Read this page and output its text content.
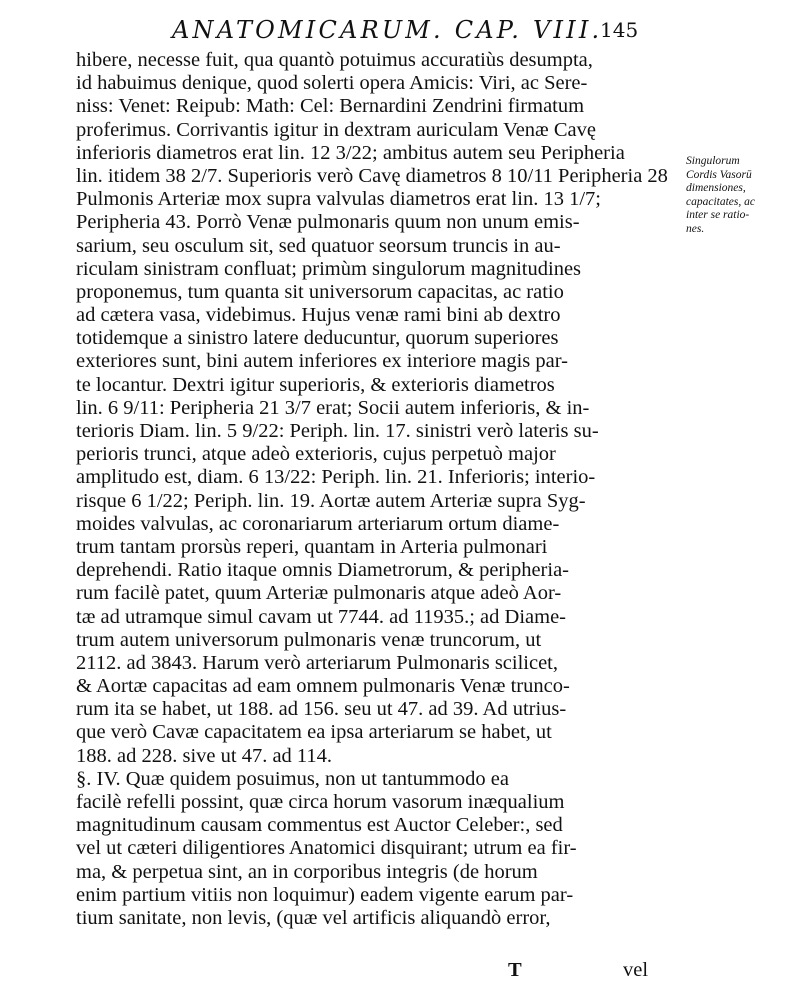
ANATOMICARUM. CAP. VIII.
145
hibere, necesse fuit, qua quantò potuimus accuratiùs desumpta,
id habuimus denique, quod solerti opera Amicis: Viri, ac Sere-
niss: Venet: Reipub: Math: Cel: Bernardini Zendrini firmatum
proferimus. Corrivantis igitur in dextram auriculam Venæ Cavę
inferioris diametros erat lin. 12 3/22; ambitus autem seu Peripheria
lin. itidem 38 2/7. Superioris verò Cavę diametros 8 10/11 Peripheria 28
Pulmonis Arteriæ mox supra valvulas diametros erat lin. 13 1/7;
Peripheria 43. Porrò Venæ pulmonaris quum non unum emis-
sarium, seu osculum sit, sed quatuor seorsum truncis in au-
riculam sinistram confluat; primùm singulorum magnitudines
proponemus, tum quanta sit universorum capacitas, ac ratio
ad cætera vasa, videbimus. Hujus venæ rami bini ab dextro
totidemque a sinistro latere deducuntur, quorum superiores
exteriores sunt, bini autem inferiores ex interiore magis par-
te locantur. Dextri igitur superioris, & exterioris diametros
lin. 6 9/11: Peripheria 21 3/7 erat; Socii autem inferioris, & in-
terioris Diam. lin. 5 9/22: Periph. lin. 17. sinistri verò lateris su-
perioris trunci, atque adeò exterioris, cujus perpetuò major
amplitudo est, diam. 6 13/22: Periph. lin. 21. Inferioris; interio-
risque 6 1/22; Periph. lin. 19. Aortæ autem Arteriæ supra Syg-
moides valvulas, ac coronariarum arteriarum ortum diame-
trum tantam prorsùs reperi, quantam in Arteria pulmonari
deprehendi. Ratio itaque omnis Diametrorum, & peripheria-
rum facilè patet, quum Arteriæ pulmonaris atque adeò Aor-
tæ ad utramque simul cavam ut 7744. ad 11935.; ad Diame-
trum autem universorum pulmonaris venæ truncorum, ut
2112. ad 3843. Harum verò arteriarum Pulmonaris scilicet,
& Aortæ capacitas ad eam omnem pulmonaris Venæ trunco-
rum ita se habet, ut 188. ad 156. seu ut 47. ad 39. Ad utrius-
que verò Cavæ capacitatem ea ipsa arteriarum se habet, ut
188. ad 228. sive ut 47. ad 114.
§. IV. Quæ quidem posuimus, non ut tantummodo ea
facilè refelli possint, quæ circa horum vasorum inæqualium
magnitudinum causam commentus est Auctor Celeber:, sed
vel ut cæteri diligentiores Anatomici disquirant; utrum ea fir-
ma, & perpetua sint, an in corporibus integris (de horum
enim partium vitiis non loquimur) eadem vigente earum par-
tium sanitate, non levis, (quæ vel artificis aliquandò error,
Singulorum
Cordis Vasorū
dimensiones,
capacitates, ac
inter se ratio-
nes.
T	vel
